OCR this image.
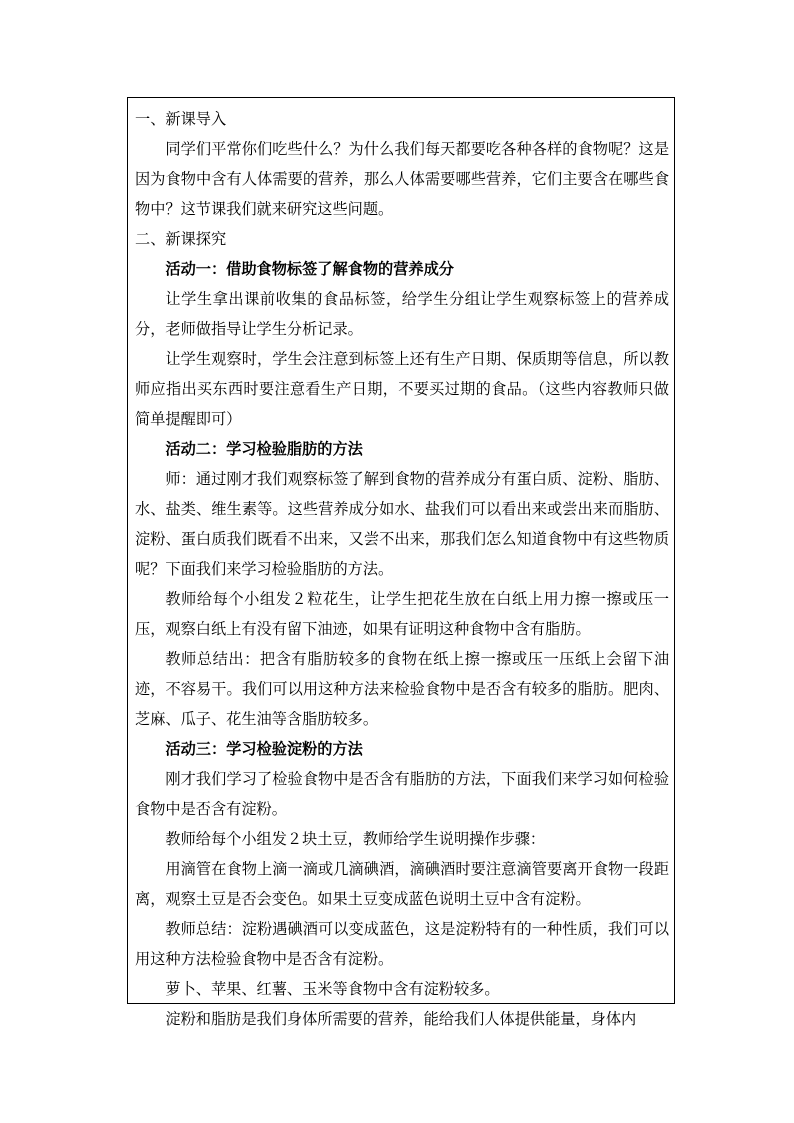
一、新课导入

同学们平常你们吃些什么？为什么我们每天都要吃各种各样的食物呢？这是因为食物中含有人体需要的营养，那么人体需要哪些营养，它们主要含在哪些食物中？这节课我们就来研究这些问题。

二、新课探究

活动一：借助食物标签了解食物的营养成分

让学生拿出课前收集的食品标签，给学生分组让学生观察标签上的营养成分，老师做指导让学生分析记录。

让学生观察时，学生会注意到标签上还有生产日期、保质期等信息，所以教师应指出买东西时要注意看生产日期，不要买过期的食品。（这些内容教师只做简单提醒即可）

活动二：学习检验脂肪的方法

师：通过刚才我们观察标签了解到食物的营养成分有蛋白质、淀粉、脂肪、水、盐类、维生素等。这些营养成分如水、盐我们可以看出来或尝出来而脂肪、淀粉、蛋白质我们既看不出来，又尝不出来，那我们怎么知道食物中有这些物质呢？下面我们来学习检验脂肪的方法。

教师给每个小组发２粒花生，让学生把花生放在白纸上用力擦一擦或压一压，观察白纸上有没有留下油迹，如果有证明这种食物中含有脂肪。

教师总结出：把含有脂肪较多的食物在纸上擦一擦或压一压纸上会留下油迹，不容易干。我们可以用这种方法来检验食物中是否含有较多的脂肪。肥肉、芝麻、瓜子、花生油等含脂肪较多。

活动三：学习检验淀粉的方法

刚才我们学习了检验食物中是否含有脂肪的方法，下面我们来学习如何检验食物中是否含有淀粉。

教师给每个小组发２块土豆，教师给学生说明操作步骤：

用滴管在食物上滴一滴或几滴碘酒，滴碘酒时要注意滴管要离开食物一段距离，观察土豆是否会变色。如果土豆变成蓝色说明土豆中含有淀粉。

教师总结：淀粉遇碘酒可以变成蓝色，这是淀粉特有的一种性质，我们可以用这种方法检验食物中是否含有淀粉。

萝卜、苹果、红薯、玉米等食物中含有淀粉较多。

淀粉和脂肪是我们身体所需要的营养，能给我们人体提供能量，身体内
